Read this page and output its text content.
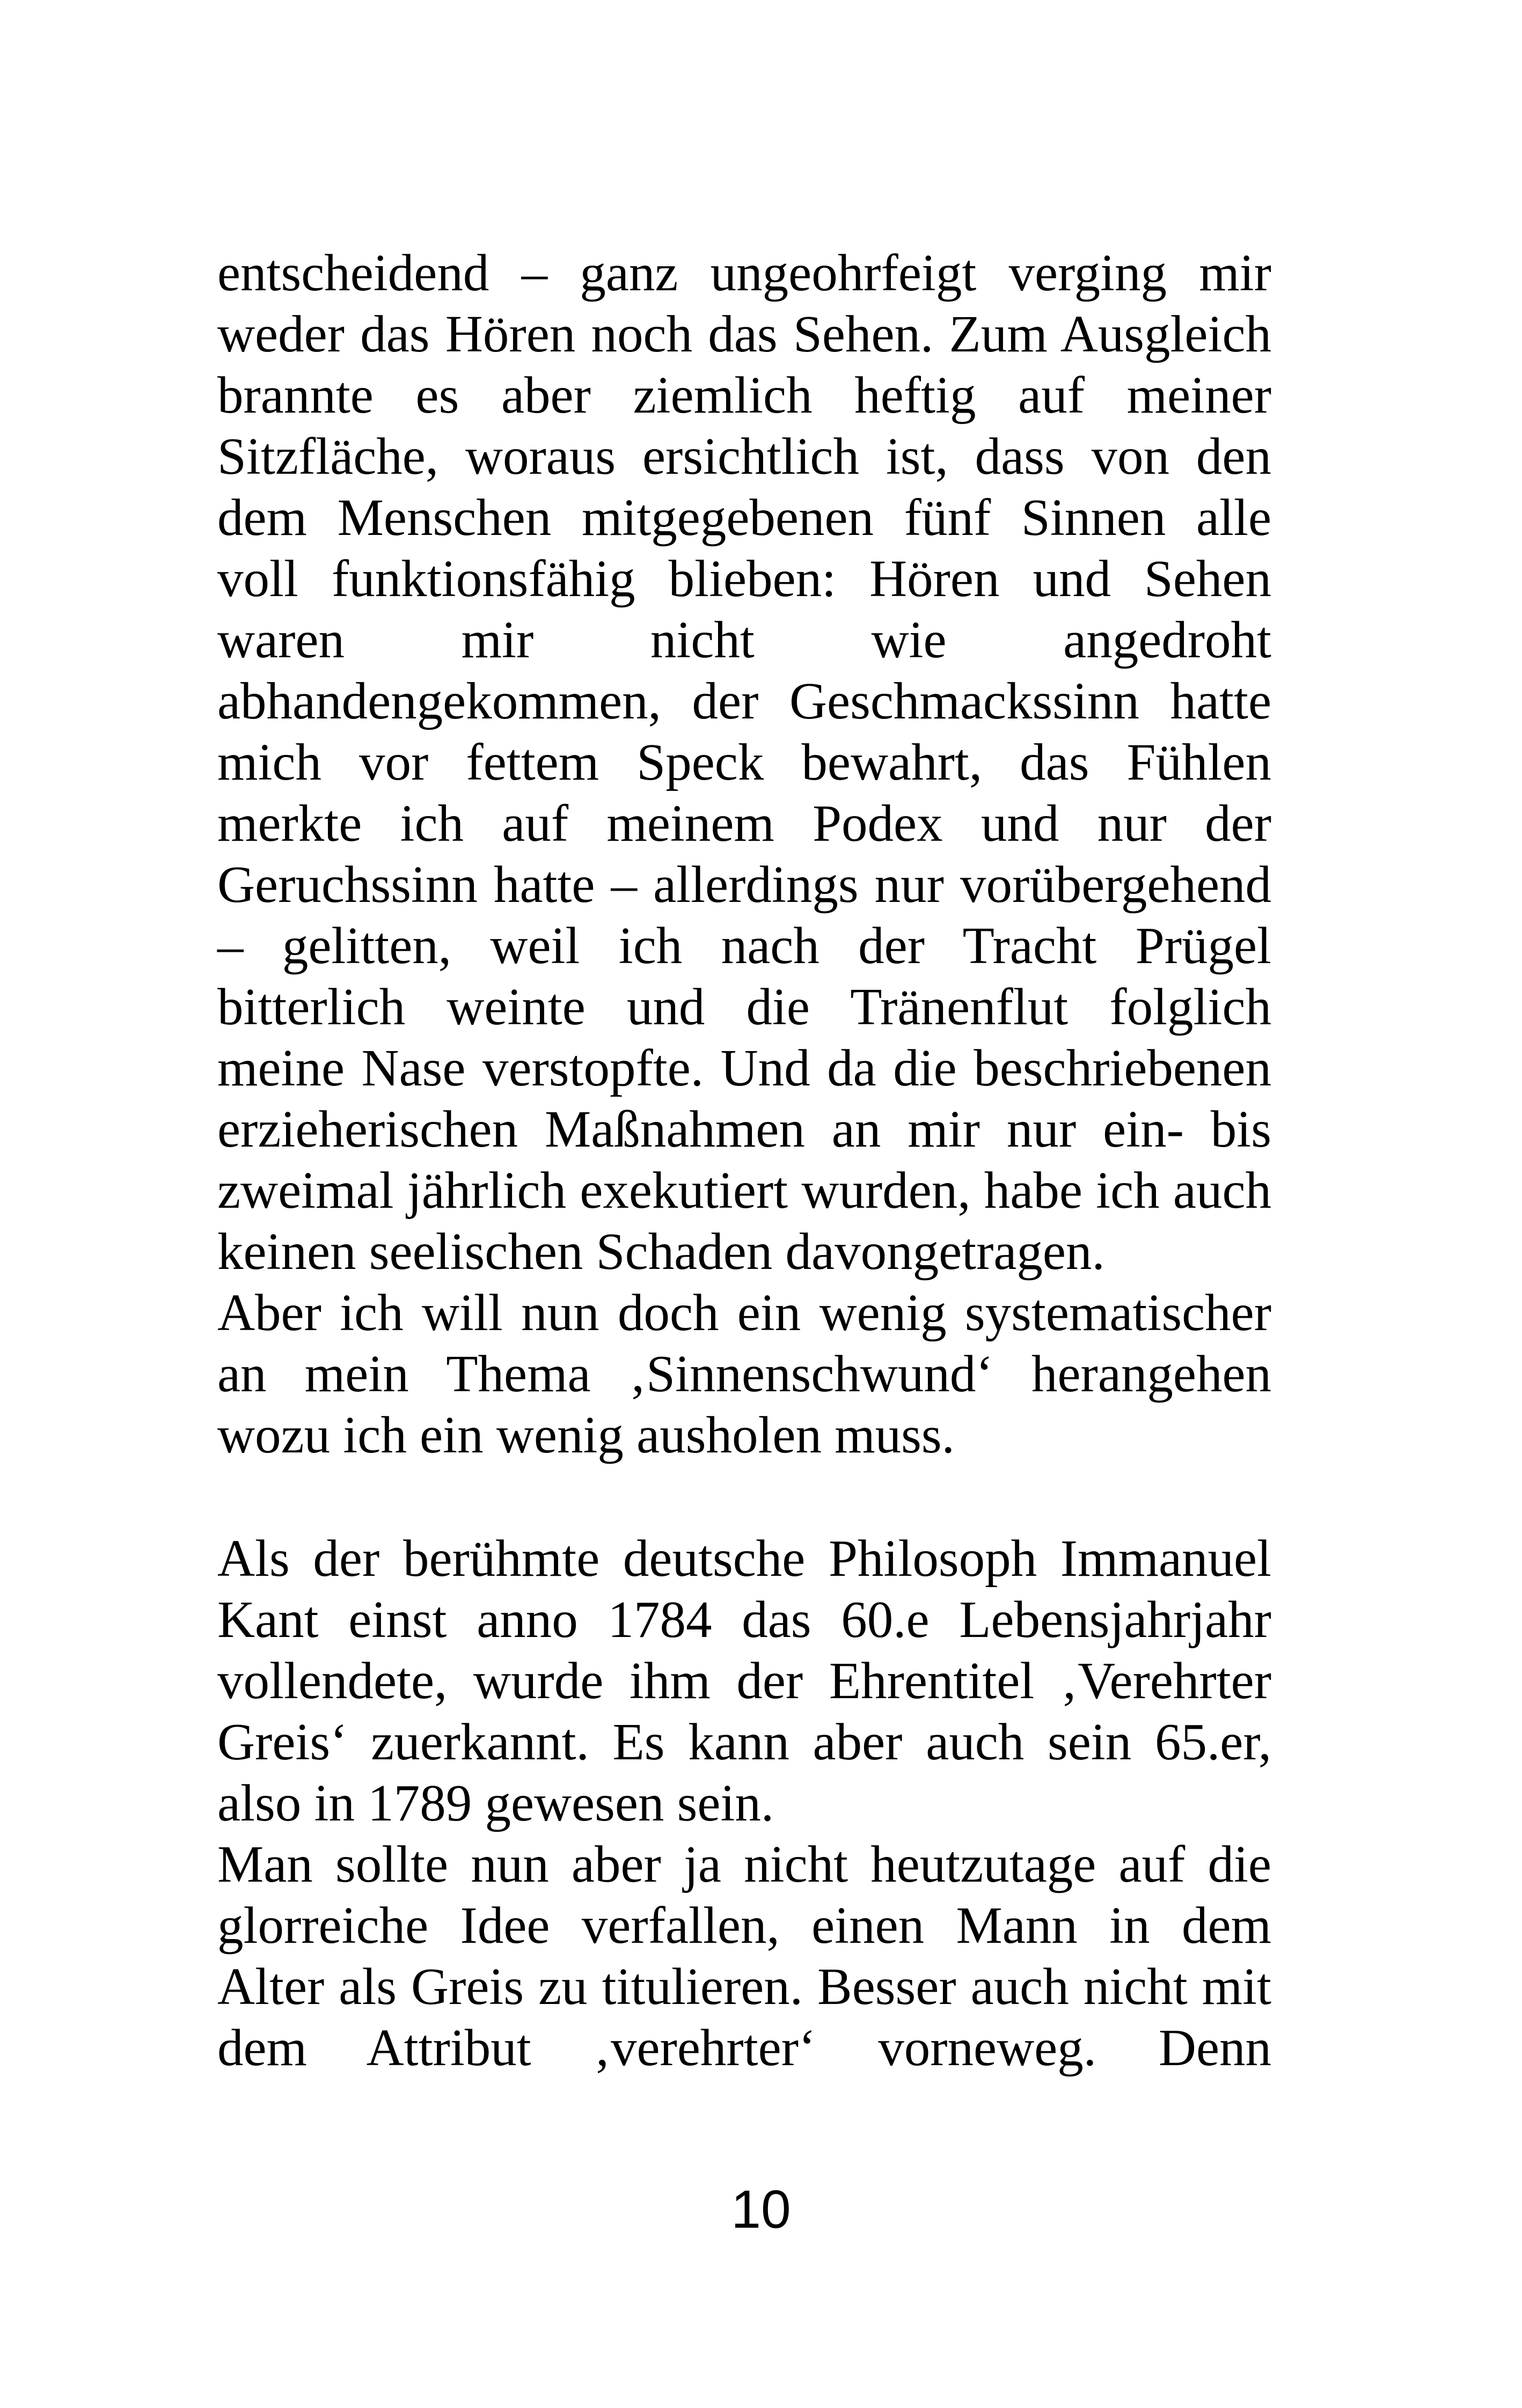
entscheidend – ganz ungeohrfeigt verging mir
weder das Hören noch das Sehen. Zum Ausgleich
brannte es aber ziemlich heftig auf meiner
Sitzfläche, woraus ersichtlich ist, dass von den
dem Menschen mitgegebenen fünf Sinnen alle
voll funktionsfähig blieben: Hören und Sehen
waren mir nicht wie angedroht
abhandengekommen, der Geschmackssinn hatte
mich vor fettem Speck bewahrt, das Fühlen
merkte ich auf meinem Podex und nur der
Geruchssinn hatte – allerdings nur vorübergehend
– gelitten, weil ich nach der Tracht Prügel
bitterlich weinte und die Tränenflut folglich
meine Nase verstopfte. Und da die beschriebenen
erzieherischen Maßnahmen an mir nur ein- bis
zweimal jährlich exekutiert wurden, habe ich auch
keinen seelischen Schaden davongetragen.
Aber ich will nun doch ein wenig systematischer
an mein Thema ‚Sinnenschwund‘ herangehen
wozu ich ein wenig ausholen muss.
Als der berühmte deutsche Philosoph Immanuel
Kant einst anno 1784 das 60.e Lebensjahrjahr
vollendete, wurde ihm der Ehrentitel ‚Verehrter
Greis‘ zuerkannt. Es kann aber auch sein 65.er,
also in 1789 gewesen sein.
Man sollte nun aber ja nicht heutzutage auf die
glorreiche Idee verfallen, einen Mann in dem
Alter als Greis zu titulieren. Besser auch nicht mit
dem Attribut ‚verehrter‘ vorneweg. Denn
10
